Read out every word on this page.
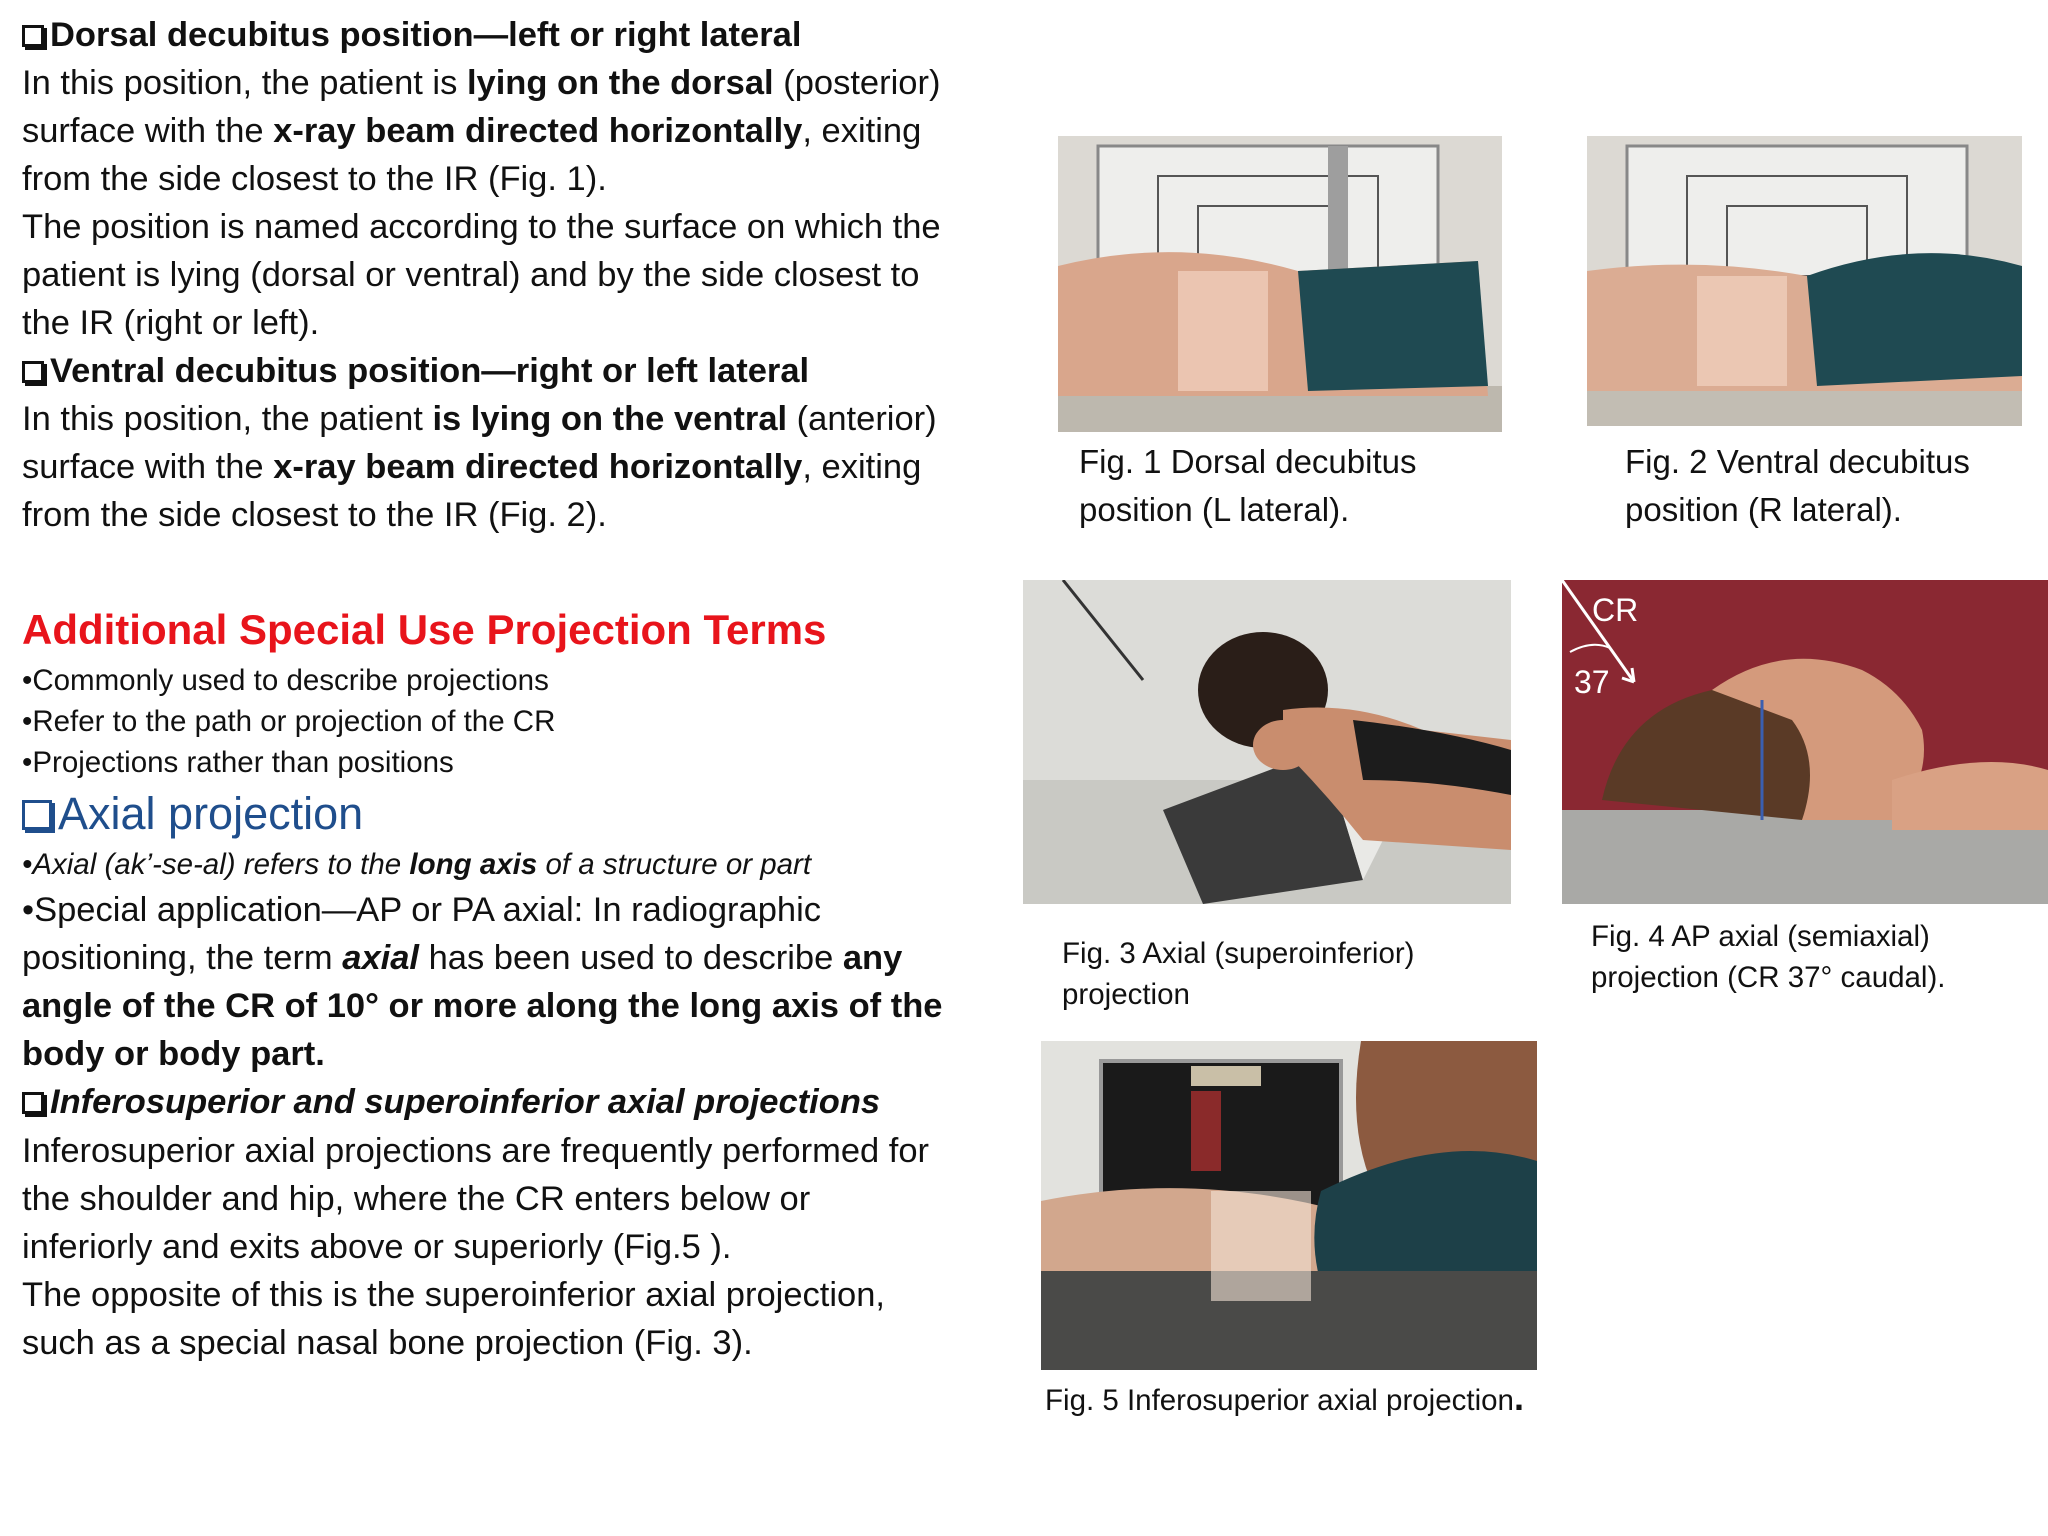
Dorsal decubitus position—left or right lateral
In this position, the patient is lying on the dorsal (posterior)
surface with the x-ray beam directed horizontally, exiting
from the side closest to the IR (Fig. 1).
The position is named according to the surface on which the
patient is lying (dorsal or ventral) and by the side closest to
the IR (right or left).
Ventral decubitus position—right or left lateral
In this position, the patient is lying on the ventral (anterior)
surface with the x-ray beam directed horizontally, exiting
from the side closest to the IR (Fig. 2).
Additional Special Use Projection Terms
•Commonly used to describe projections
•Refer to the path or projection of the CR
•Projections rather than positions
Axial projection
•Axial (ak’-se-al) refers to the long axis of a structure or part
•Special application—AP or PA axial: In radiographic
positioning, the term axial has been used to describe any
angle of the CR of 10° or more along the long axis of the
body or body part.
Inferosuperior and superoinferior axial projections
Inferosuperior axial projections are frequently performed for
the shoulder and hip, where the CR enters below or
inferiorly and exits above or superiorly (Fig.5 ).
The opposite of this is the superoinferior axial projection,
such as a special nasal bone projection (Fig. 3).
Fig. 1 Dorsal decubitus
position (L lateral).
Fig. 2 Ventral decubitus
position (R lateral).
Fig. 3 Axial (superoinferior)
projection
CR
37
Fig. 4 AP axial (semiaxial)
projection (CR 37° caudal).
Fig. 5 Inferosuperior axial projection.
